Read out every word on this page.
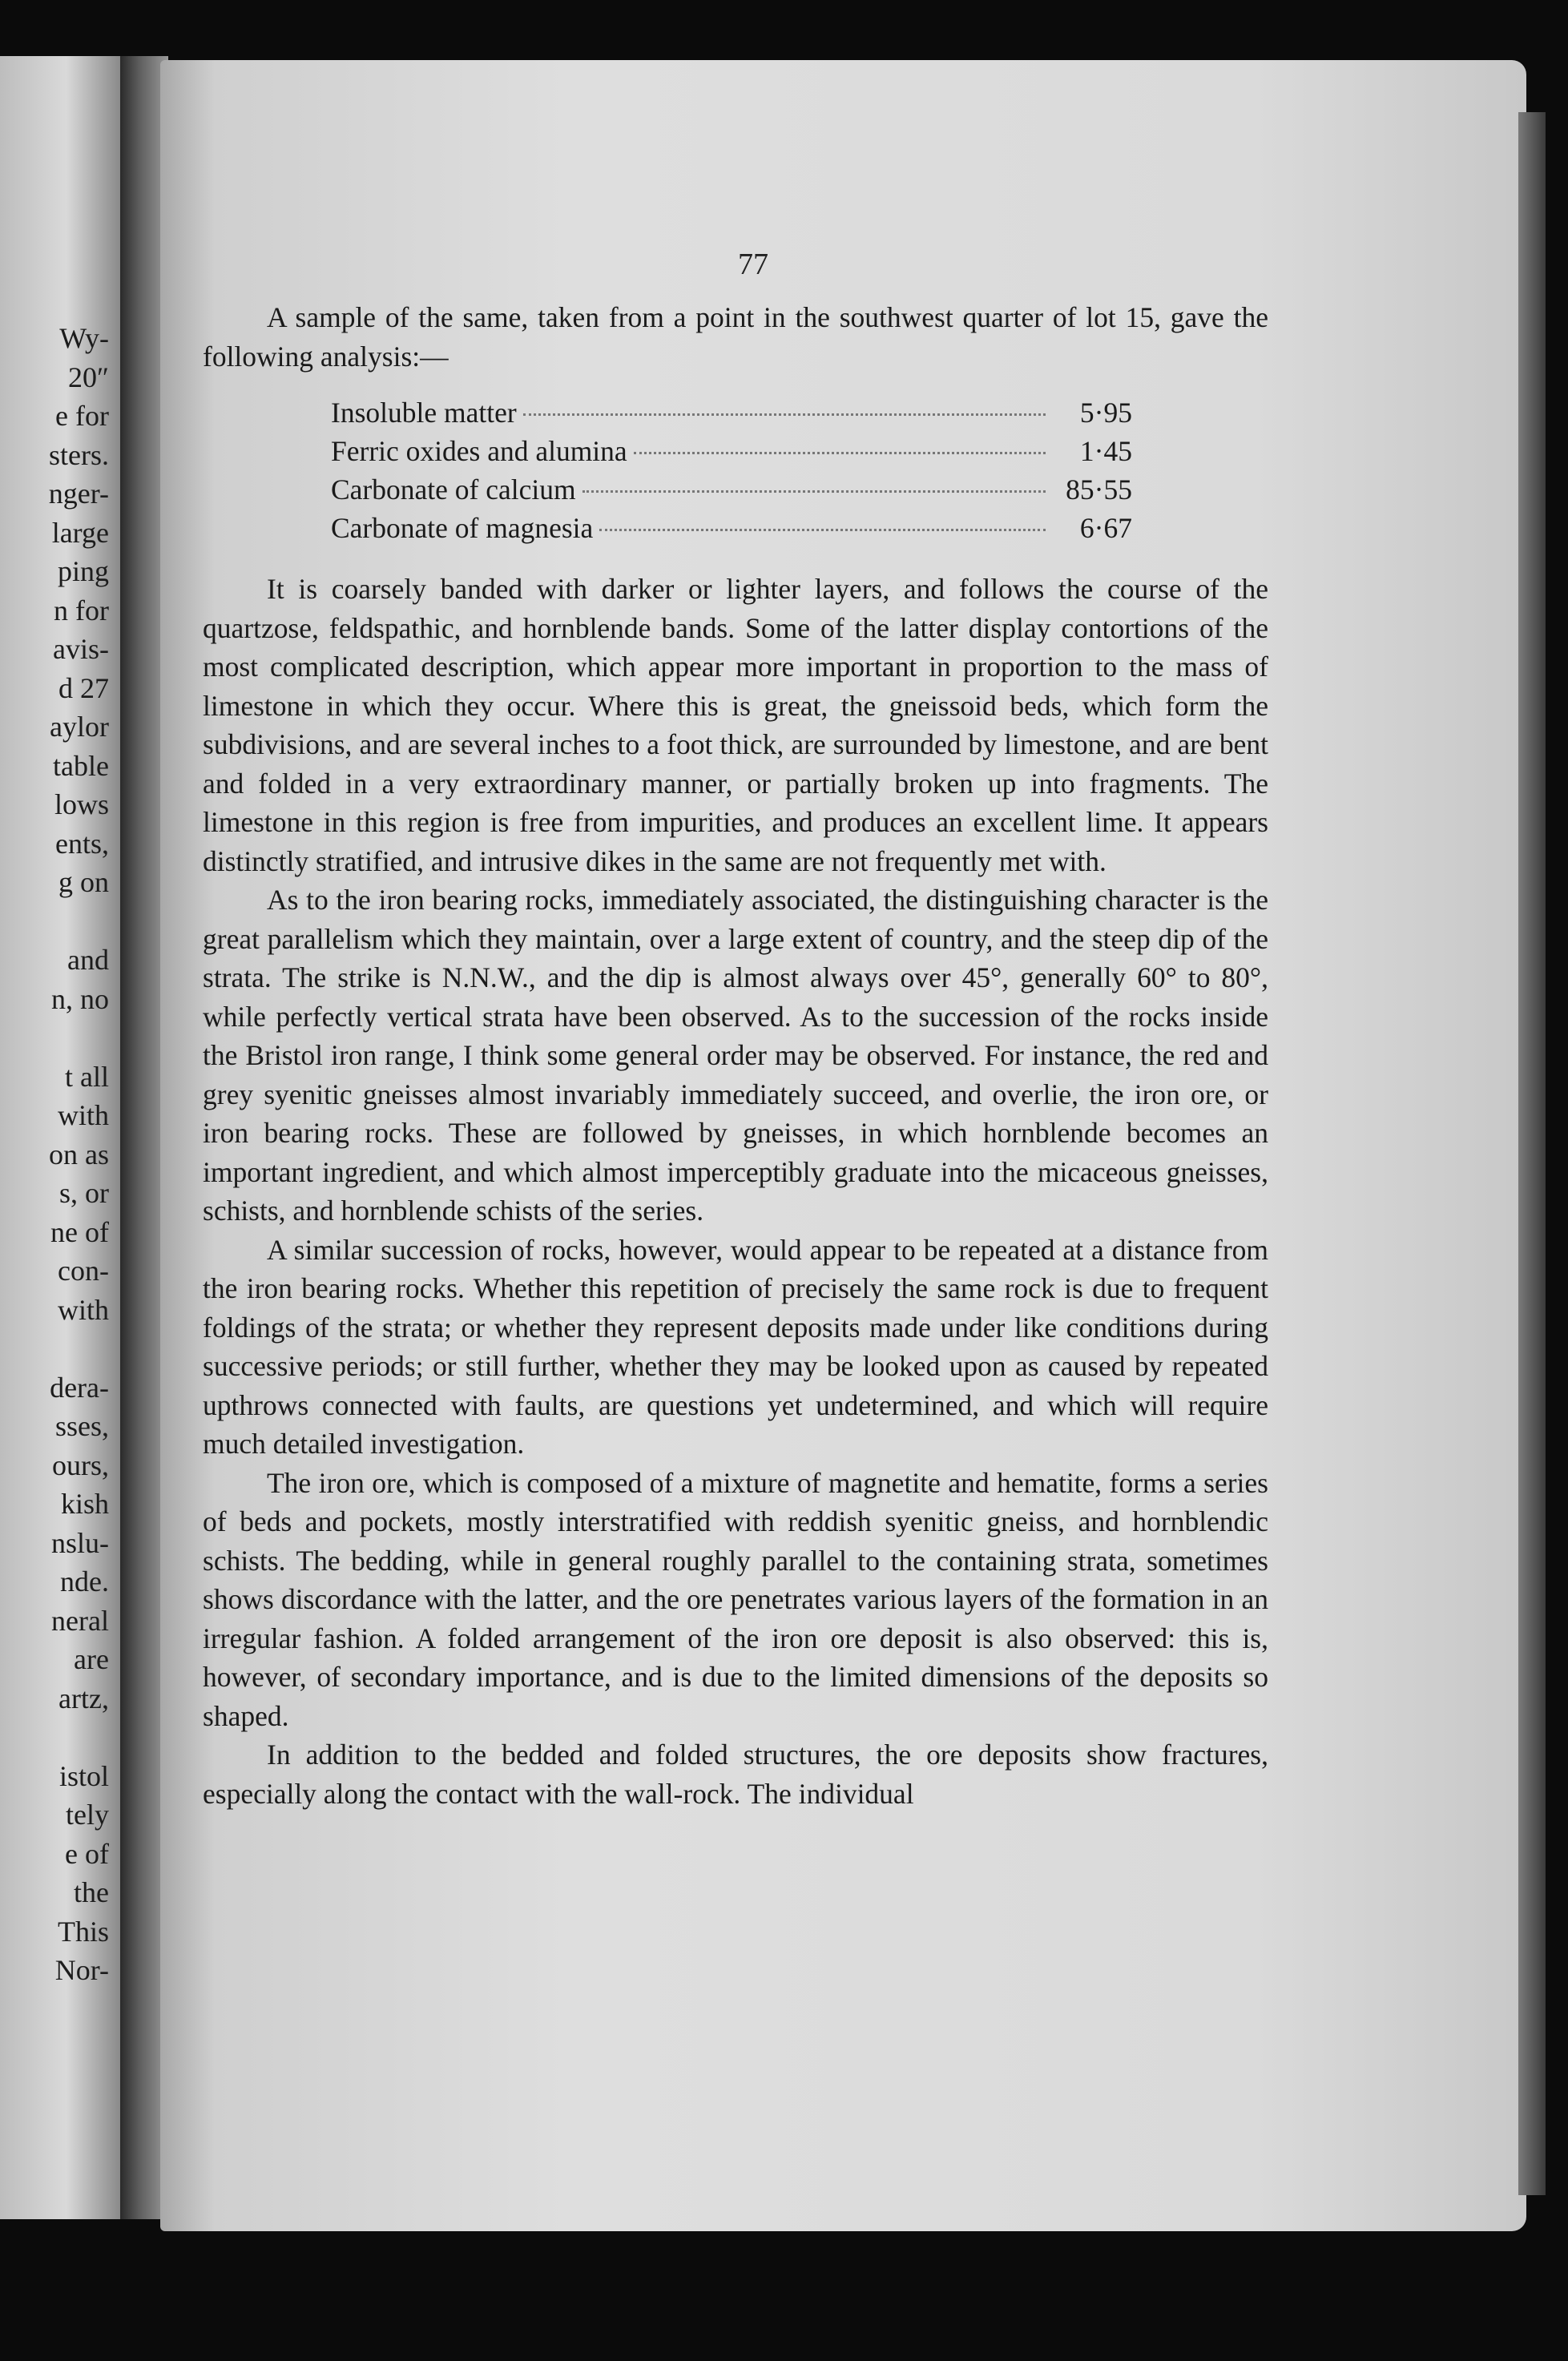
Wy-
20″
e for
sters.
nger-
large
ping
n for
avis-
d 27
aylor
table
lows
ents,
g on
and
n, no
t all
with
on as
s, or
ne of
con-
with
dera-
sses,
ours,
kish
nslu-
nde.
neral
are
artz,
istol
tely
e of
the
This
Nor-
77

A sample of the same, taken from a point in the southwest quarter of lot 15, gave the following analysis:—

Insoluble matter	5·95
Ferric oxides and alumina	1·45
Carbonate of calcium	85·55
Carbonate of magnesia	6·67

It is coarsely banded with darker or lighter layers, and follows the course of the quartzose, feldspathic, and hornblende bands. Some of the latter display contortions of the most complicated description, which appear more important in proportion to the mass of limestone in which they occur. Where this is great, the gneissoid beds, which form the subdivisions, and are several inches to a foot thick, are surrounded by limestone, and are bent and folded in a very extraordinary manner, or partially broken up into fragments. The limestone in this region is free from impurities, and produces an excellent lime. It appears distinctly stratified, and intrusive dikes in the same are not frequently met with.

As to the iron bearing rocks, immediately associated, the distinguishing character is the great parallelism which they maintain, over a large extent of country, and the steep dip of the strata. The strike is N.N.W., and the dip is almost always over 45°, generally 60° to 80°, while perfectly vertical strata have been observed. As to the succession of the rocks inside the Bristol iron range, I think some general order may be observed. For instance, the red and grey syenitic gneisses almost invariably immediately succeed, and overlie, the iron ore, or iron bearing rocks. These are followed by gneisses, in which hornblende becomes an important ingredient, and which almost imperceptibly graduate into the micaceous gneisses, schists, and hornblende schists of the series.

A similar succession of rocks, however, would appear to be repeated at a distance from the iron bearing rocks. Whether this repetition of precisely the same rock is due to frequent foldings of the strata; or whether they represent deposits made under like conditions during successive periods; or still further, whether they may be looked upon as caused by repeated upthrows connected with faults, are questions yet undetermined, and which will require much detailed investigation.

The iron ore, which is composed of a mixture of magnetite and hematite, forms a series of beds and pockets, mostly interstratified with reddish syenitic gneiss, and hornblendic schists. The bedding, while in general roughly parallel to the containing strata, sometimes shows discordance with the latter, and the ore penetrates various layers of the formation in an irregular fashion. A folded arrangement of the iron ore deposit is also observed: this is, however, of secondary importance, and is due to the limited dimensions of the deposits so shaped.

In addition to the bedded and folded structures, the ore deposits show fractures, especially along the contact with the wall-rock. The individual
